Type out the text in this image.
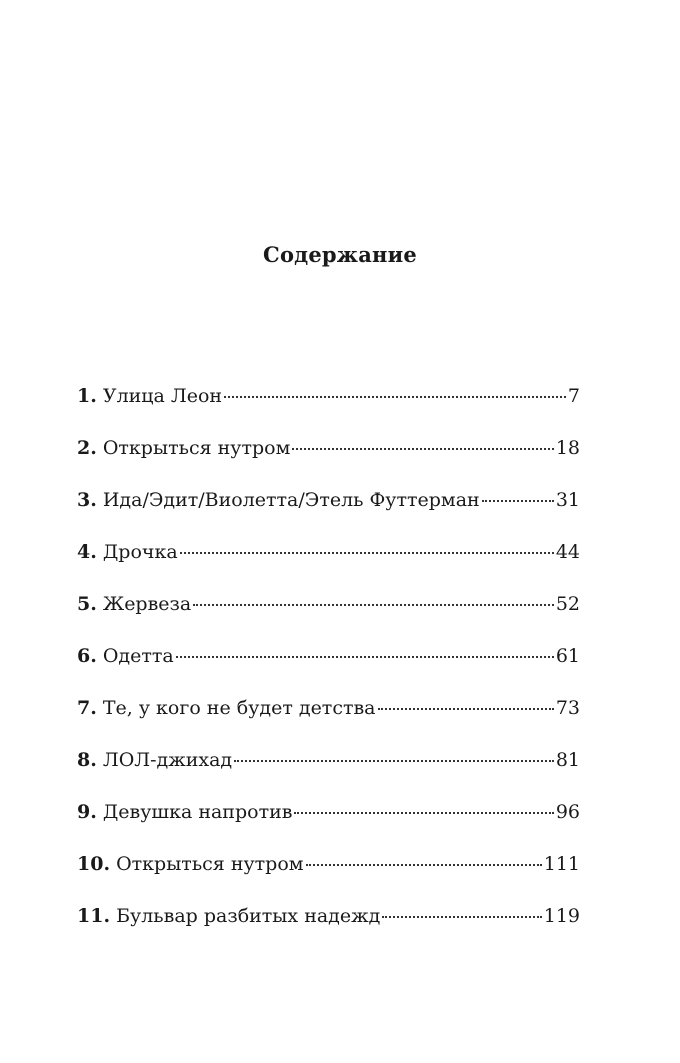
Содержание
1. Улица Леон	7
2. Открыться нутром	18
3. Ида/Эдит/Виолетта/Этель Футтерман	31
4. Дрочка	44
5. Жервеза	52
6. Одетта	61
7. Те, у кого не будет детства	73
8. ЛОЛ-джихад	81
9. Девушка напротив	96
10. Открыться нутром	111
11. Бульвар разбитых надежд	119
